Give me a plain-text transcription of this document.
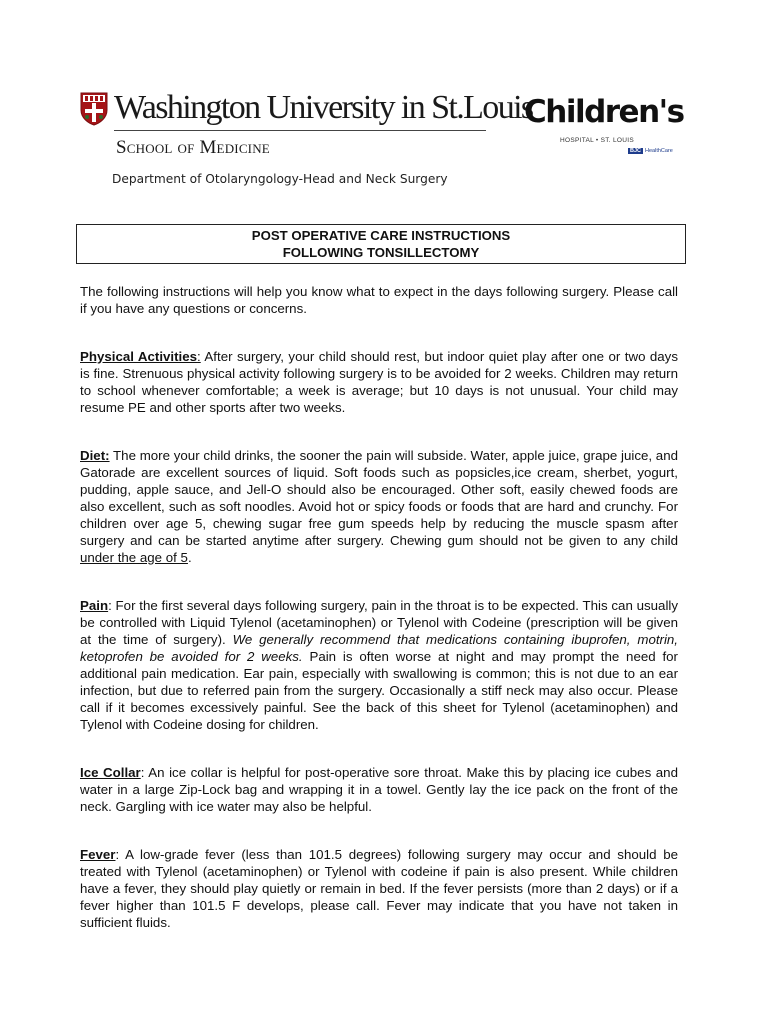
Washington University in St.Louis
School of Medicine
Children's
HOSPITAL • ST. LOUIS
BJC HealthCare
Department of Otolaryngology-Head and Neck Surgery
POST OPERATIVE CARE INSTRUCTIONS
FOLLOWING TONSILLECTOMY

The following instructions will help you know what to expect in the days following surgery. Please call if you have any questions or concerns.

Physical Activities: After surgery, your child should rest, but indoor quiet play after one or two days is fine. Strenuous physical activity following surgery is to be avoided for 2 weeks. Children may return to school whenever comfortable; a week is average; but 10 days is not unusual. Your child may resume PE and other sports after two weeks.

Diet: The more your child drinks, the sooner the pain will subside. Water, apple juice, grape juice, and Gatorade are excellent sources of liquid. Soft foods such as popsicles,ice cream, sherbet, yogurt, pudding, apple sauce, and Jell-O should also be encouraged. Other soft, easily chewed foods are also excellent, such as soft noodles. Avoid hot or spicy foods or foods that are hard and crunchy. For children over age 5, chewing sugar free gum speeds help by reducing the muscle spasm after surgery and can be started anytime after surgery. Chewing gum should not be given to any child under the age of 5.

Pain: For the first several days following surgery, pain in the throat is to be expected. This can usually be controlled with Liquid Tylenol (acetaminophen) or Tylenol with Codeine (prescription will be given at the time of surgery). We generally recommend that medications containing ibuprofen, motrin, ketoprofen be avoided for 2 weeks. Pain is often worse at night and may prompt the need for additional pain medication. Ear pain, especially with swallowing is common; this is not due to an ear infection, but due to referred pain from the surgery. Occasionally a stiff neck may also occur. Please call if it becomes excessively painful. See the back of this sheet for Tylenol (acetaminophen) and Tylenol with Codeine dosing for children.

Ice Collar: An ice collar is helpful for post-operative sore throat. Make this by placing ice cubes and water in a large Zip-Lock bag and wrapping it in a towel. Gently lay the ice pack on the front of the neck. Gargling with ice water may also be helpful.

Fever: A low-grade fever (less than 101.5 degrees) following surgery may occur and should be treated with Tylenol (acetaminophen) or Tylenol with codeine if pain is also present. While children have a fever, they should play quietly or remain in bed. If the fever persists (more than 2 days) or if a fever higher than 101.5 F develops, please call. Fever may indicate that you have not taken in sufficient fluids.
